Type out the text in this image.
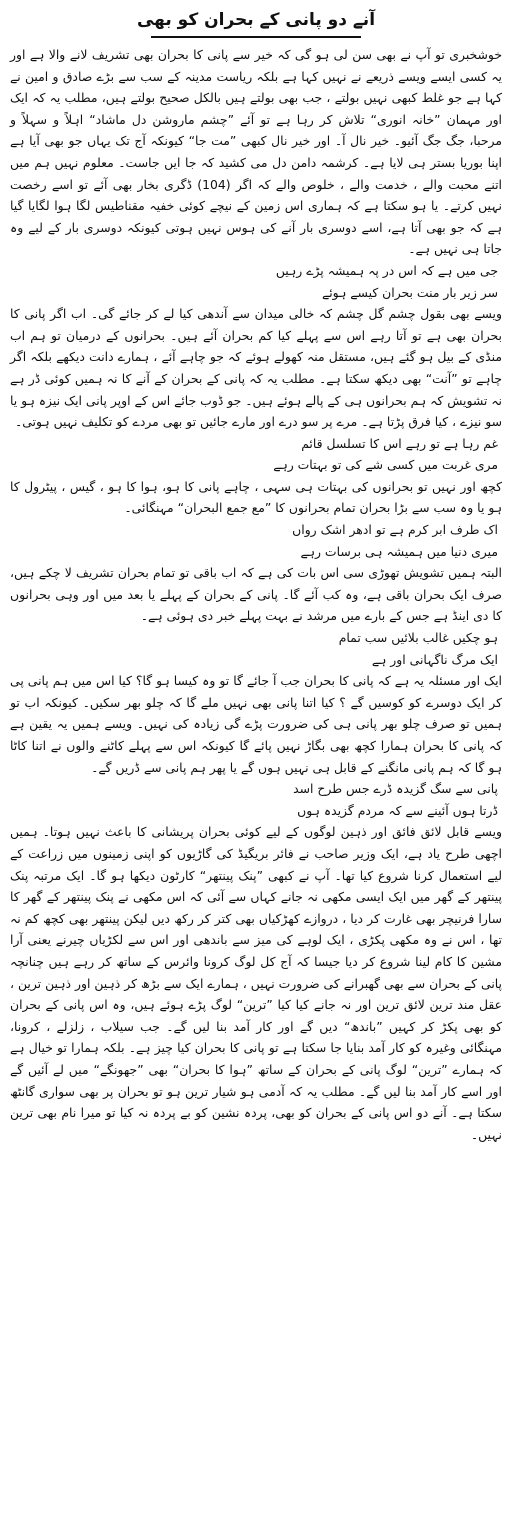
آنے دو پانی کے بحران کو بھی

خوشخبری تو آپ نے بھی سن لی ہو گی کہ خیر سے پانی کا بحران بھی تشریف لانے والا ہے اور یہ کسی ایسے ویسے ذریعے نے نہیں کہا ہے بلکہ ریاست مدینہ کے سب سے بڑے صادق و امین نے کہا ہے جو غلط کبھی نہیں بولتے ، جب بھی بولتے ہیں بالکل صحیح بولتے ہیں، مطلب یہ کہ ایک اور مہمان ”خانہ انوری“ تلاش کر رہا ہے تو آئے ”چشم ماروشن دل ماشاد“ اہلاً و سہلاً و مرحبا، جگ جگ آئیو۔ خیر نال آ۔ اور خیر نال کبھی ”مت جا“ کیونکہ آج تک یہاں جو بھی آیا ہے اپنا بوریا بستر ہی لایا ہے۔ کرشمہ دامن دل می کشید کہ جا ایں جاست۔ معلوم نہیں ہم میں اتنے محبت والے ، خدمت والے ، خلوص والے کہ اگر (104) ڈگری بخار بھی آئے تو اسے رخصت نہیں کرتے۔ یا ہو سکتا ہے کہ ہماری اس زمین کے نیچے کوئی خفیہ مقناطیس لگا ہوا لگایا گیا ہے کہ جو بھی آتا ہے، اسے دوسری بار آنے کی ہوس نہیں ہوتی کیونکہ دوسری بار کے لیے وہ جاتا ہی نہیں ہے۔

جی میں ہے کہ اس در پہ ہمیشہ پڑے رہیں

سر زیر بار منت بحران کیسے ہوئے

ویسے بھی بقول چشم گل چشم کہ خالی میدان سے آندھی کیا لے کر جائے گی۔ اب اگر پانی کا بحران بھی ہے تو آتا رہے اس سے پہلے کیا کم بحران آئے ہیں۔ بحرانوں کے درمیان تو ہم اب منڈی کے بیل ہو گئے ہیں، مستقل منہ کھولے ہوئے کہ جو چاہے آئے ، ہمارے دانت دیکھے بلکہ اگر چاہے تو ”آنت“ بھی دیکھ سکتا ہے۔ مطلب یہ کہ پانی کے بحران کے آنے کا نہ ہمیں کوئی ڈر ہے نہ تشویش کہ ہم بحرانوں ہی کے پالے ہوئے ہیں۔ جو ڈوب جائے اس کے اوپر پانی ایک نیزہ ہو یا سو نیزے ، کیا فرق پڑتا ہے۔ مرے پر سو درے اور مارے جائیں تو بھی مردے کو تکلیف نہیں ہوتی۔

غم رہا ہے تو رہے اس کا تسلسل قائم

مری غربت میں کسی شے کی تو بہتات رہے

کچھ اور نہیں تو بحرانوں کی بہتات ہی سہی ، چاہے پانی کا ہو، ہوا کا ہو ، گیس ، پیٹرول کا ہو یا وہ سب سے بڑا بحران تمام بحرانوں کا ”مع جمع البحران“ مہنگائی۔

اک طرف ابر کرم ہے تو ادھر اشک رواں

میری دنیا میں ہمیشہ ہی برسات رہے

البتہ ہمیں تشویش تھوڑی سی اس بات کی ہے کہ اب باقی تو تمام بحران تشریف لا چکے ہیں، صرف ایک بحران باقی ہے، وہ کب آئے گا۔ پانی کے بحران کے پہلے یا بعد میں اور وہی بحرانوں کا دی اینڈ ہے جس کے بارے میں مرشد نے بہت پہلے خبر دی ہوئی ہے۔

ہو چکیں غالب بلائیں سب تمام

ایک مرگ ناگہانی اور ہے

ایک اور مسئلہ یہ ہے کہ پانی کا بحران جب آ جائے گا تو وہ کیسا ہو گا؟ کیا اس میں ہم پانی پی کر ایک دوسرے کو کوسیں گے ؟ کیا اتنا پانی بھی نہیں ملے گا کہ چلو بھر سکیں۔ کیونکہ اب تو ہمیں تو صرف چلو بھر پانی ہی کی ضرورت پڑے گی زیادہ کی نہیں۔ ویسے ہمیں یہ یقین ہے کہ پانی کا بحران ہمارا کچھ بھی بگاڑ نہیں پائے گا کیونکہ اس سے پہلے کاٹنے والوں نے اتنا کاٹا ہو گا کہ ہم پانی مانگنے کے قابل ہی نہیں ہوں گے یا پھر ہم پانی سے ڈریں گے۔

پانی سے سگ گزیدہ ڈرے جس طرح اسد

ڈرتا ہوں آئینے سے کہ مردم گزیدہ ہوں

ویسے قابل لائق فائق اور ذہین لوگوں کے لیے کوئی بحران پریشانی کا باعث نہیں ہوتا۔ ہمیں اچھی طرح یاد ہے، ایک وزیر صاحب نے فائر بریگیڈ کی گاڑیوں کو اپنی زمینوں میں زراعت کے لیے استعمال کرنا شروع کیا تھا۔ آپ نے کبھی ”پنک پینتھر“ کارٹون دیکھا ہو گا۔ ایک مرتبہ پنک پینتھر کے گھر میں ایک ایسی مکھی نہ جانے کہاں سے آئی کہ اس مکھی نے پنک پینتھر کے گھر کا سارا فرنیچر بھی غارت کر دیا ، دروازے کھڑکیاں بھی کتر کر رکھ دیں لیکن پینتھر بھی کچھ کم نہ تھا ، اس نے وہ مکھی پکڑی ، ایک لوہے کی میز سے باندھی اور اس سے لکڑیاں چیرنے یعنی آرا مشین کا کام لینا شروع کر دیا جیسا کہ آج کل لوگ کرونا وائرس کے ساتھ کر رہے ہیں چنانچہ پانی کے بحران سے بھی گھبرانے کی ضرورت نہیں ، ہمارے ایک سے بڑھ کر ذہین اور ذہین ترین ، عقل مند ترین لائق ترین اور نہ جانے کیا کیا ”ترین“ لوگ پڑے ہوئے ہیں، وہ اس پانی کے بحران کو بھی پکڑ کر کہیں ”باندھ“ دیں گے اور کار آمد بنا لیں گے۔ جب سیلاب ، زلزلے ، کرونا، مہنگائی وغیرہ کو کار آمد بنایا جا سکتا ہے تو پانی کا بحران کیا چیز ہے۔ بلکہ ہمارا تو خیال ہے کہ ہمارے ”ترین“ لوگ پانی کے بحران کے ساتھ ”ہوا کا بحران“ بھی ”جھونگے“ میں لے آئیں گے اور اسے کار آمد بنا لیں گے۔ مطلب یہ کہ آدمی ہو شیار ترین ہو تو بحران پر بھی سواری گانٹھ سکتا ہے۔ آنے دو اس پانی کے بحران کو بھی، پردہ نشین کو بے پردہ نہ کیا تو میرا نام بھی ترین نہیں۔
